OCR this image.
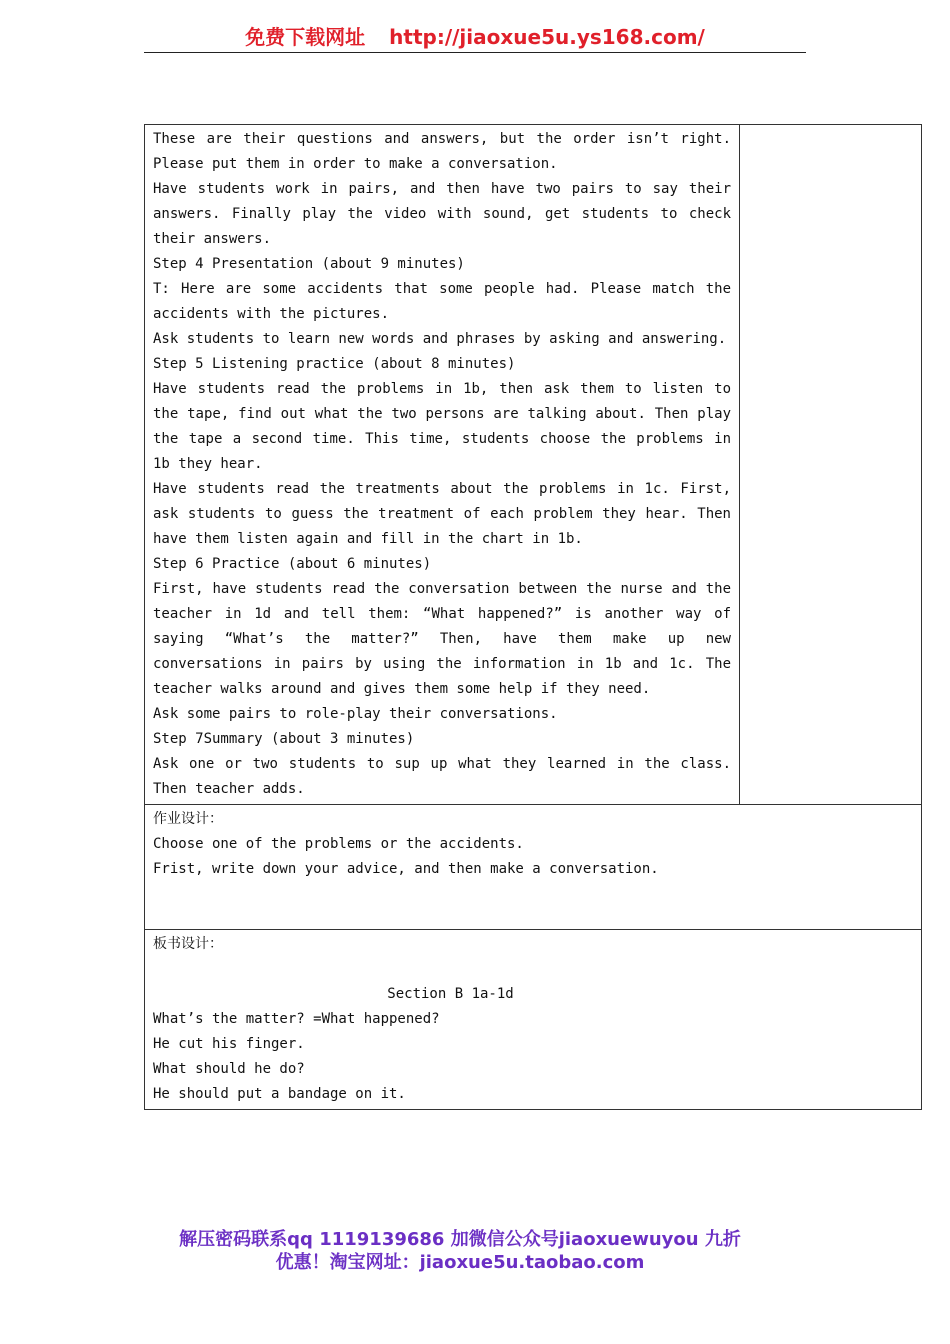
免费下载网址 http://jiaoxue5u.ys168.com/
These are their questions and answers, but the order isn’t right.
Please put them in order to make a conversation.
Have students work in pairs, and then have two pairs to say their
answers. Finally play the video with sound, get students to check
their answers.
Step 4 Presentation (about 9 minutes)
T: Here are some accidents that some people had. Please match the
accidents with the pictures.
Ask students to learn new words and phrases by asking and answering.
Step 5 Listening practice (about 8 minutes)
Have students read the problems in 1b, then ask them to listen to
the tape, find out what the two persons are talking about. Then play
the tape a second time. This time, students choose the problems in
1b they hear.
Have students read the treatments about the problems in 1c. First,
ask students to guess the treatment of each problem they hear. Then
have them listen again and fill in the chart in 1b.
Step 6 Practice (about 6 minutes)
First, have students read the conversation between the nurse and the
teacher in 1d and tell them: “What happened?” is another way of
saying “What’s the matter?” Then, have them make up new
conversations in pairs by using the information in 1b and 1c. The
teacher walks around and gives them some help if they need.
Ask some pairs to role-play their conversations.
Step 7Summary (about 3 minutes)
Ask one or two students to sup up what they learned in the class.
Then teacher adds.

作业设计：
Choose one of the problems or the accidents.
Frist, write down your advice, and then make a conversation.

板书设计：
Section B 1a-1d
What’s the matter? =What happened?
He cut his finger.
What should he do?
He should put a bandage on it.
解压密码联系qq 1119139686 加微信公众号jiaoxuewuyou 九折
优惠！淘宝网址：jiaoxue5u.taobao.com
